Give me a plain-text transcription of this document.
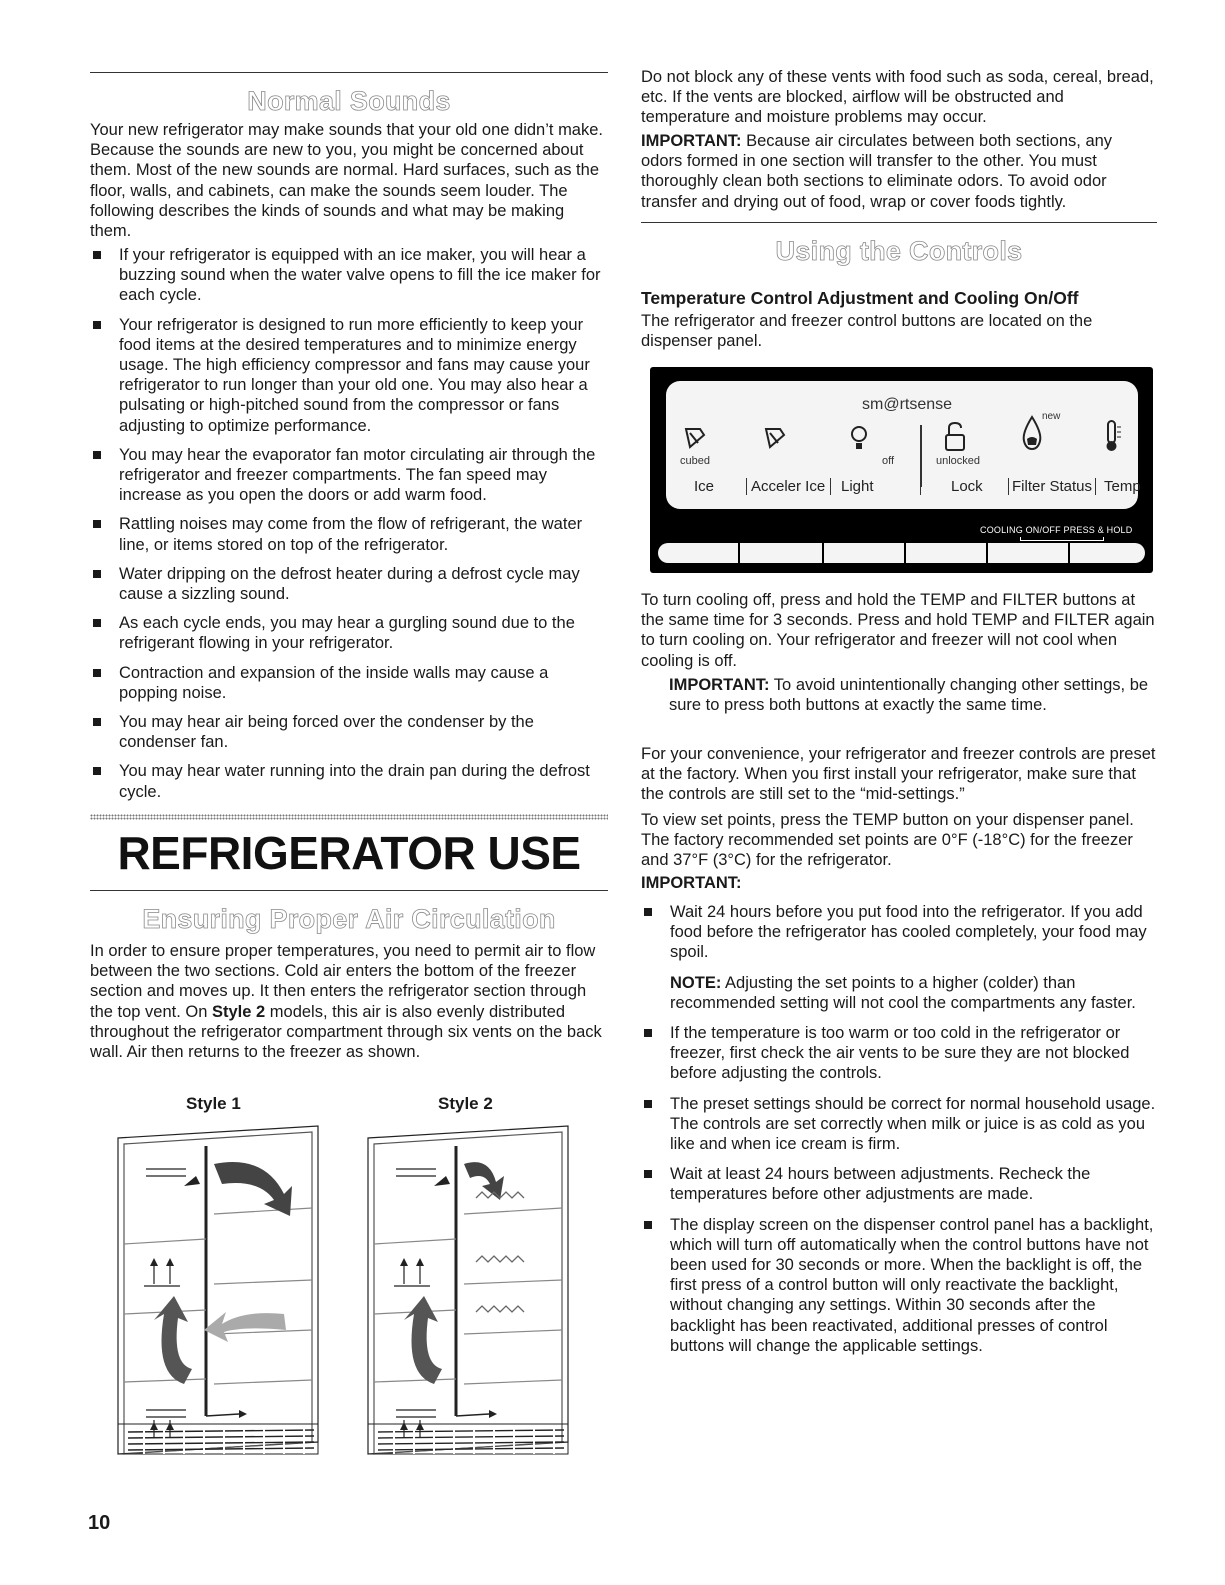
Normal Sounds

Your new refrigerator may make sounds that your old one didn’t make. Because the sounds are new to you, you might be concerned about them. Most of the new sounds are normal. Hard surfaces, such as the floor, walls, and cabinets, can make the sounds seem louder. The following describes the kinds of sounds and what may be making them.

If your refrigerator is equipped with an ice maker, you will hear a buzzing sound when the water valve opens to fill the ice maker for each cycle.
Your refrigerator is designed to run more efficiently to keep your food items at the desired temperatures and to minimize energy usage. The high efficiency compressor and fans may cause your refrigerator to run longer than your old one. You may also hear a pulsating or high-pitched sound from the compressor or fans adjusting to optimize performance.
You may hear the evaporator fan motor circulating air through the refrigerator and freezer compartments. The fan speed may increase as you open the doors or add warm food.
Rattling noises may come from the flow of refrigerant, the water line, or items stored on top of the refrigerator.
Water dripping on the defrost heater during a defrost cycle may cause a sizzling sound.
As each cycle ends, you may hear a gurgling sound due to the refrigerant flowing in your refrigerator.
Contraction and expansion of the inside walls may cause a popping noise.
You may hear air being forced over the condenser by the condenser fan.
You may hear water running into the drain pan during the defrost cycle.
REFRIGERATOR USE
Ensuring Proper Air Circulation

In order to ensure proper temperatures, you need to permit air to flow between the two sections. Cold air enters the bottom of the freezer section and moves up. It then enters the refrigerator section through the top vent. On Style 2 models, this air is also evenly distributed throughout the refrigerator compartment through six vents on the back wall. Air then returns to the freezer as shown.

Style 1	Style 2

Do not block any of these vents with food such as soda, cereal, bread, etc. If the vents are blocked, airflow will be obstructed and temperature and moisture problems may occur.

IMPORTANT: Because air circulates between both sections, any odors formed in one section will transfer to the other. You must thoroughly clean both sections to eliminate odors. To avoid odor transfer and drying out of food, wrap or cover foods tightly.

Using the Controls
Temperature Control Adjustment and Cooling On/Off

The refrigerator and freezer control buttons are located on the dispenser panel.

sm@rtsense
cubed	off	unlocked
new
Ice	Acceler Ice	Light	Lock Filter Status Temp
COOLING ON/OFF PRESS & HOLD

To turn cooling off, press and hold the TEMP and FILTER buttons at the same time for 3 seconds. Press and hold TEMP and FILTER again to turn cooling on. Your refrigerator and freezer will not cool when cooling is off.

IMPORTANT: To avoid unintentionally changing other settings, be sure to press both buttons at exactly the same time.

For your convenience, your refrigerator and freezer controls are preset at the factory. When you first install your refrigerator, make sure that the controls are still set to the “mid-settings.”

To view set points, press the TEMP button on your dispenser panel. The factory recommended set points are 0°F (-18°C) for the freezer and 37°F (3°C) for the refrigerator.

IMPORTANT:
Wait 24 hours before you put food into the refrigerator. If you add food before the refrigerator has cooled completely, your food may spoil.

NOTE: Adjusting the set points to a higher (colder) than recommended setting will not cool the compartments any faster.

If the temperature is too warm or too cold in the refrigerator or freezer, first check the air vents to be sure they are not blocked before adjusting the controls.
The preset settings should be correct for normal household usage. The controls are set correctly when milk or juice is as cold as you like and when ice cream is firm.
Wait at least 24 hours between adjustments. Recheck the temperatures before other adjustments are made.
The display screen on the dispenser control panel has a backlight, which will turn off automatically when the control buttons have not been used for 30 seconds or more. When the backlight is off, the first press of a control button will only reactivate the backlight, without changing any settings. Within 30 seconds after the backlight has been reactivated, additional presses of control buttons will change the applicable settings.
10
